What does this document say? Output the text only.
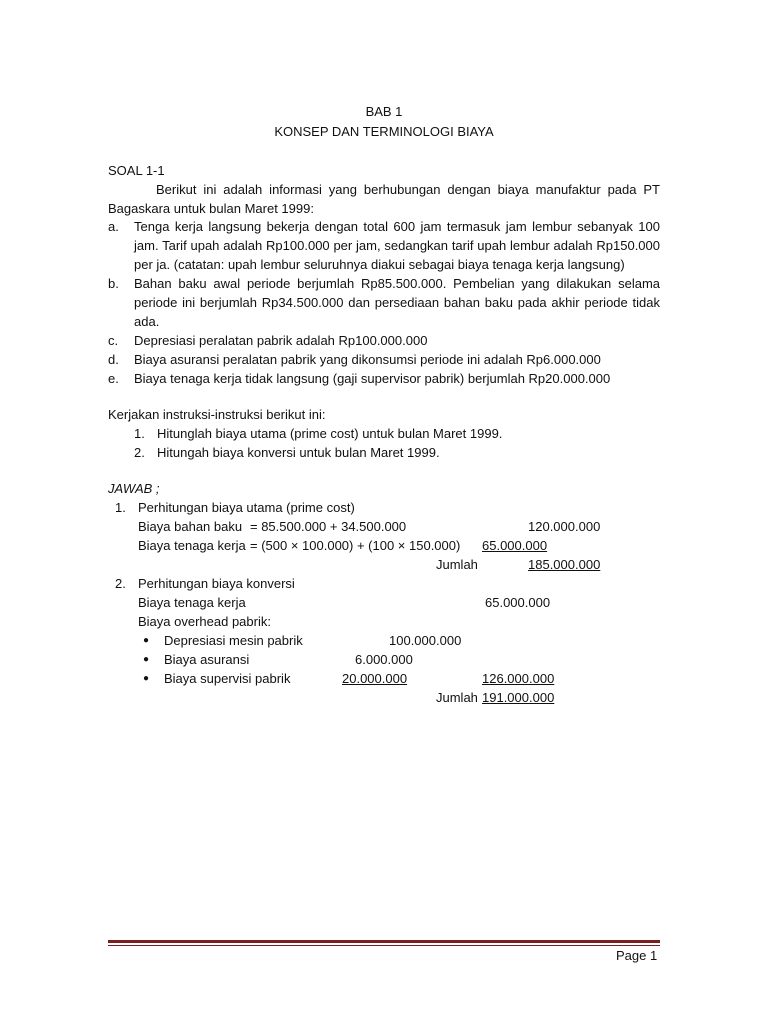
BAB 1
KONSEP DAN TERMINOLOGI BIAYA
SOAL 1-1
Berikut ini adalah informasi yang berhubungan dengan biaya manufaktur pada PT
Bagaskara untuk bulan Maret 1999:
a. Tenga kerja langsung bekerja dengan total 600 jam termasuk jam lembur sebanyak 100
jam. Tarif upah adalah Rp100.000 per jam, sedangkan tarif upah lembur adalah Rp150.000
per ja. (catatan: upah lembur seluruhnya diakui sebagai biaya tenaga kerja langsung)
b. Bahan baku awal periode berjumlah Rp85.500.000. Pembelian yang dilakukan selama
periode ini berjumlah Rp34.500.000 dan persediaan bahan baku pada akhir periode tidak
ada.
c. Depresiasi peralatan pabrik adalah Rp100.000.000
d. Biaya asuransi peralatan pabrik yang dikonsumsi periode ini adalah Rp6.000.000
e. Biaya tenaga kerja tidak langsung (gaji supervisor pabrik) berjumlah Rp20.000.000
Kerjakan instruksi-instruksi berikut ini:
1. Hitunglah biaya utama (prime cost) untuk bulan Maret 1999.
2. Hitungah biaya konversi untuk bulan Maret 1999.
JAWAB ;
1. Perhitungan biaya utama (prime cost)
Biaya bahan baku = 85.500.000 + 34.500.000	120.000.000
Biaya tenaga kerja = (500 × 100.000) + (100 × 150.000) 65.000.000
Jumlah	185.000.000
2. Perhitungan biaya konversi
Biaya tenaga kerja	65.000.000
Biaya overhead pabrik:
● Depresiasi mesin pabrik	100.000.000
● Biaya asuransi	6.000.000
● Biaya supervisi pabrik	20.000.000	126.000.000
Jumlah 191.000.000
Page 1
